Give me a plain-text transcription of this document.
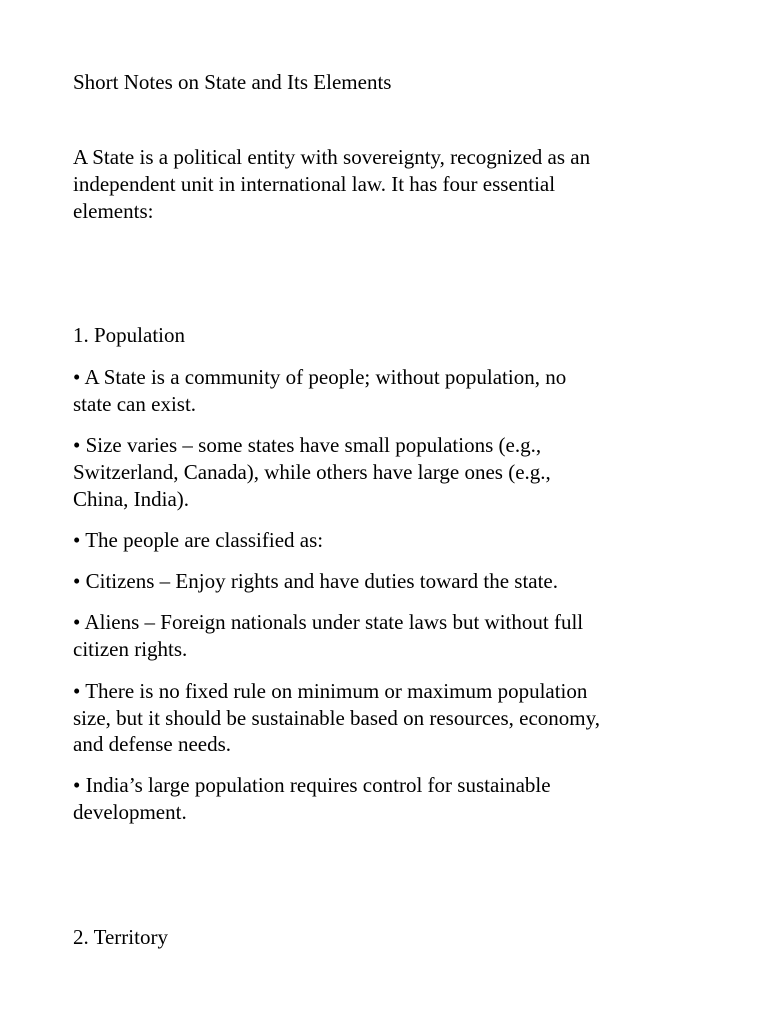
Short Notes on State and Its Elements
A State is a political entity with sovereignty, recognized as an
independent unit in international law. It has four essential
elements:
1. Population
• A State is a community of people; without population, no
state can exist.
• Size varies – some states have small populations (e.g.,
Switzerland, Canada), while others have large ones (e.g.,
China, India).
• The people are classified as:
• Citizens – Enjoy rights and have duties toward the state.
• Aliens – Foreign nationals under state laws but without full
citizen rights.
• There is no fixed rule on minimum or maximum population
size, but it should be sustainable based on resources, economy,
and defense needs.
• India’s large population requires control for sustainable
development.
2. Territory
